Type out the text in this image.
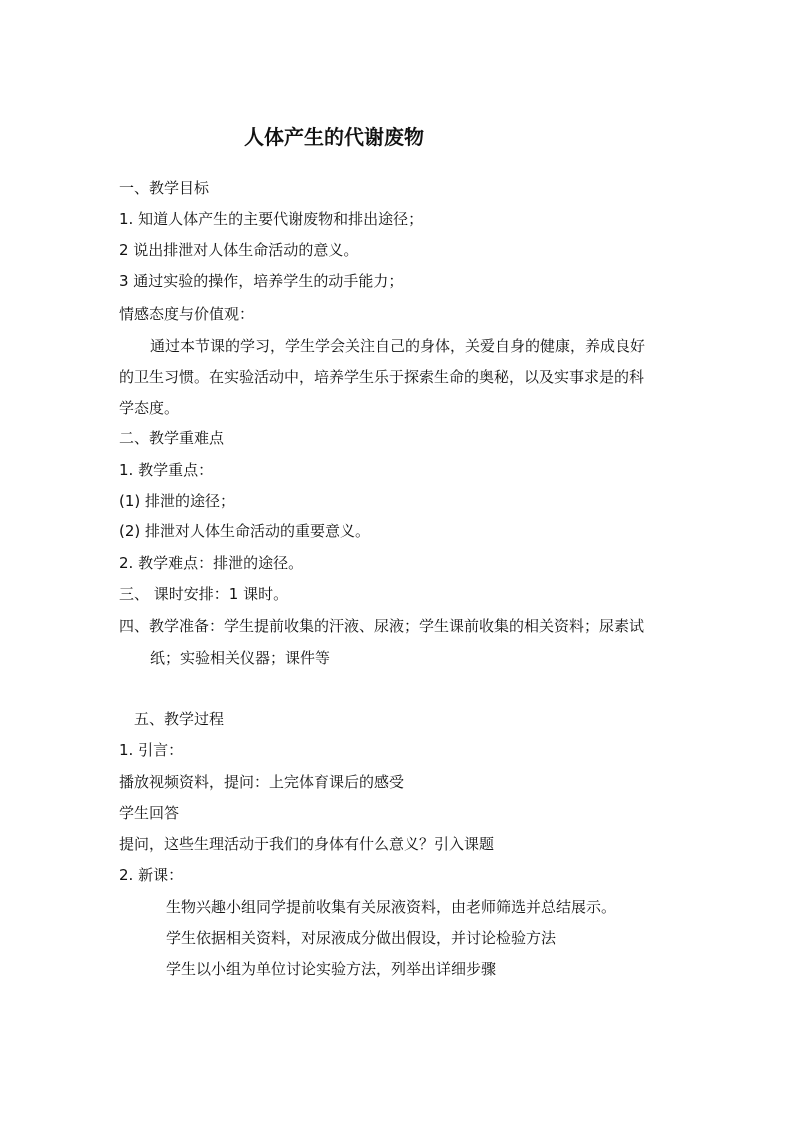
人体产生的代谢废物
一、教学目标
1. 知道人体产生的主要代谢废物和排出途径；
2 说出排泄对人体生命活动的意义。
3 通过实验的操作，培养学生的动手能力；
情感态度与价值观：
通过本节课的学习，学生学会关注自己的身体，关爱自身的健康，养成良好
的卫生习惯。在实验活动中，培养学生乐于探索生命的奥秘，以及实事求是的科
学态度。
二、教学重难点
1. 教学重点：
(1) 排泄的途径；
(2) 排泄对人体生命活动的重要意义。
2. 教学难点：排泄的途径。
三、 课时安排：1 课时。
四、教学准备：学生提前收集的汗液、尿液；学生课前收集的相关资料；尿素试
纸；实验相关仪器；课件等
五、教学过程
1. 引言：
播放视频资料，提问：上完体育课后的感受
学生回答
提问，这些生理活动于我们的身体有什么意义？引入课题
2. 新课：
生物兴趣小组同学提前收集有关尿液资料，由老师筛选并总结展示。
学生依据相关资料，对尿液成分做出假设，并讨论检验方法
学生以小组为单位讨论实验方法，列举出详细步骤
